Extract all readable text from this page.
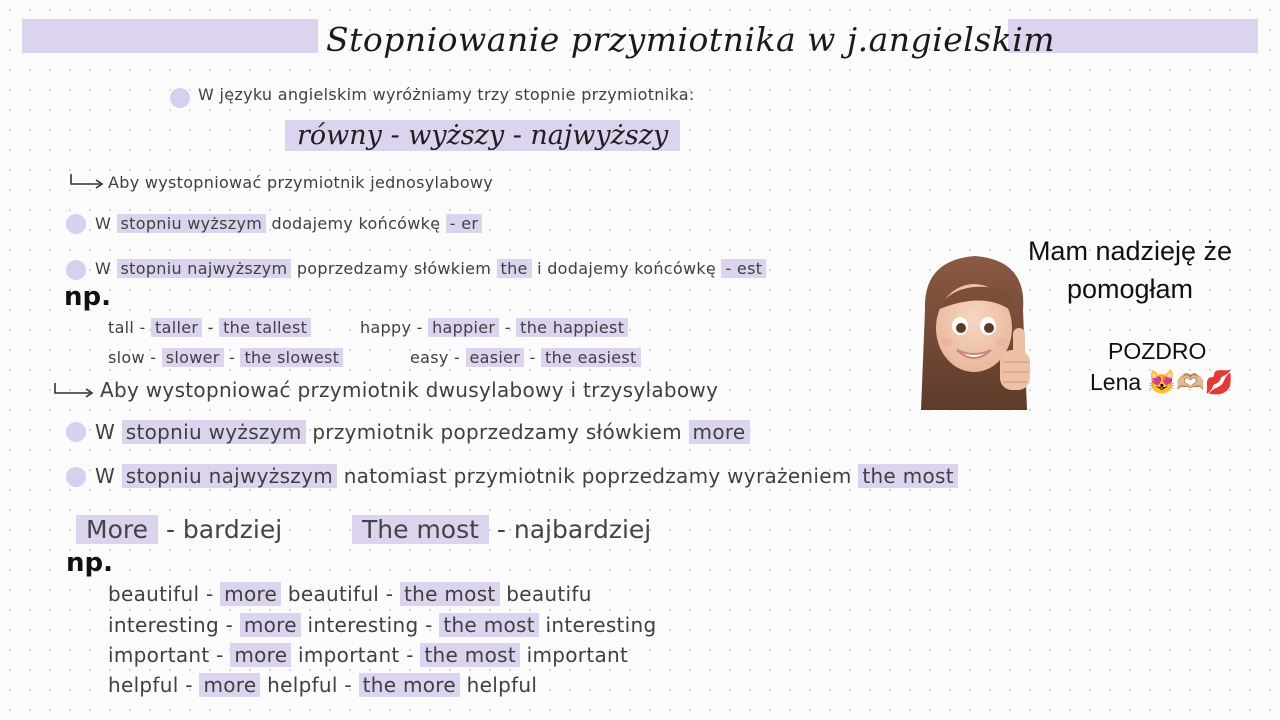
Stopniowanie przymiotnika w j.angielskim
W języku angielskim wyróżniamy trzy stopnie przymiotnika:
równy - wyższy - najwyższy
Aby wystopniować przymiotnik jednosylabowy
W stopniu wyższym dodajemy końcówkę - er
W stopniu najwyższym poprzedzamy słówkiem the i dodajemy końcówkę - est
np.
tall - taller - the tallest
slow - slower - the slowest
happy - happier - the happiest
easy - easier - the easiest
Aby wystopniować przymiotnik dwusylabowy i trzysylabowy
W stopniu wyższym przymiotnik poprzedzamy słówkiem more
W stopniu najwyższym natomiast przymiotnik poprzedzamy wyrażeniem the most
More - bardziej	The most - najbardziej
np.
beautiful - more beautiful - the most beautifu
interesting - more interesting - the most interesting
important - more important - the most important
helpful - more helpful - the more helpful
Mam nadzieję że
pomogłam
POZDRO
Lena 😻🫶🏼💋
